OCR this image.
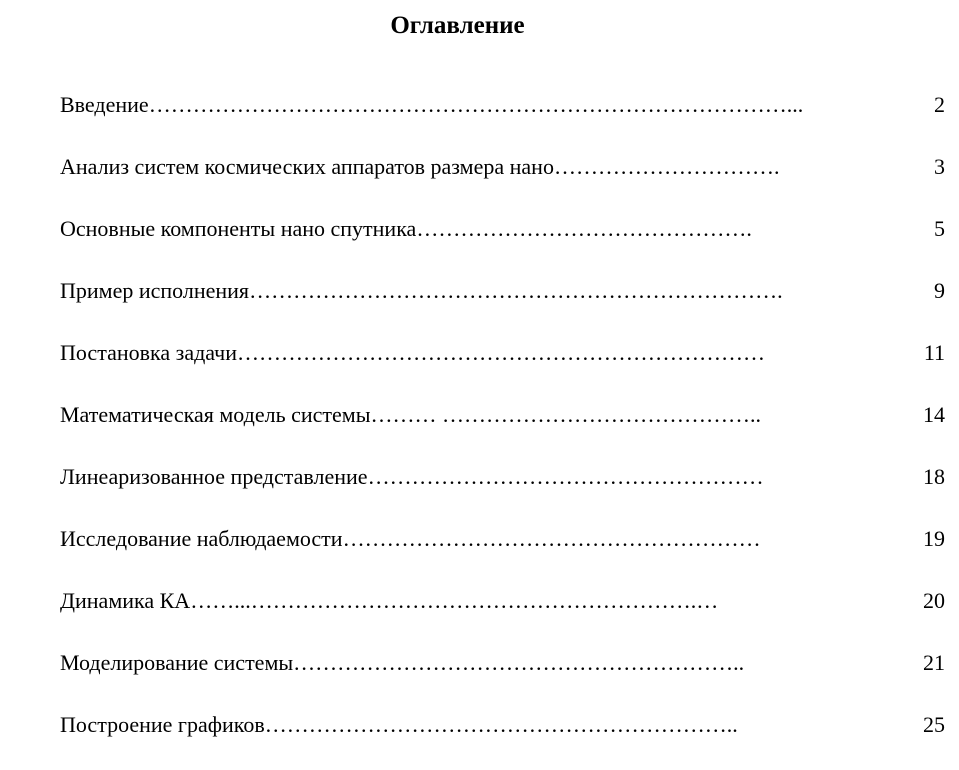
Оглавление
Введение ……………………………………………………………………………...	2
Анализ систем космических аппаратов размера нано ………………………….	3
Основные компоненты нано спутника ……………………………………….	5
Пример исполнения ……………………………………………………………….	9
Постановка задачи ………………………………………………………………	11
Математическая модель системы ……… ……………………………………..	14
Линеаризованное представление ………………………………………………	18
Исследование наблюдаемости …………………………………………………	19
Динамика КА ……...…………………………………………………….…	20
Моделирование системы ……………………………………………………..	21
Построение графиков ………………………………………………………..	25
